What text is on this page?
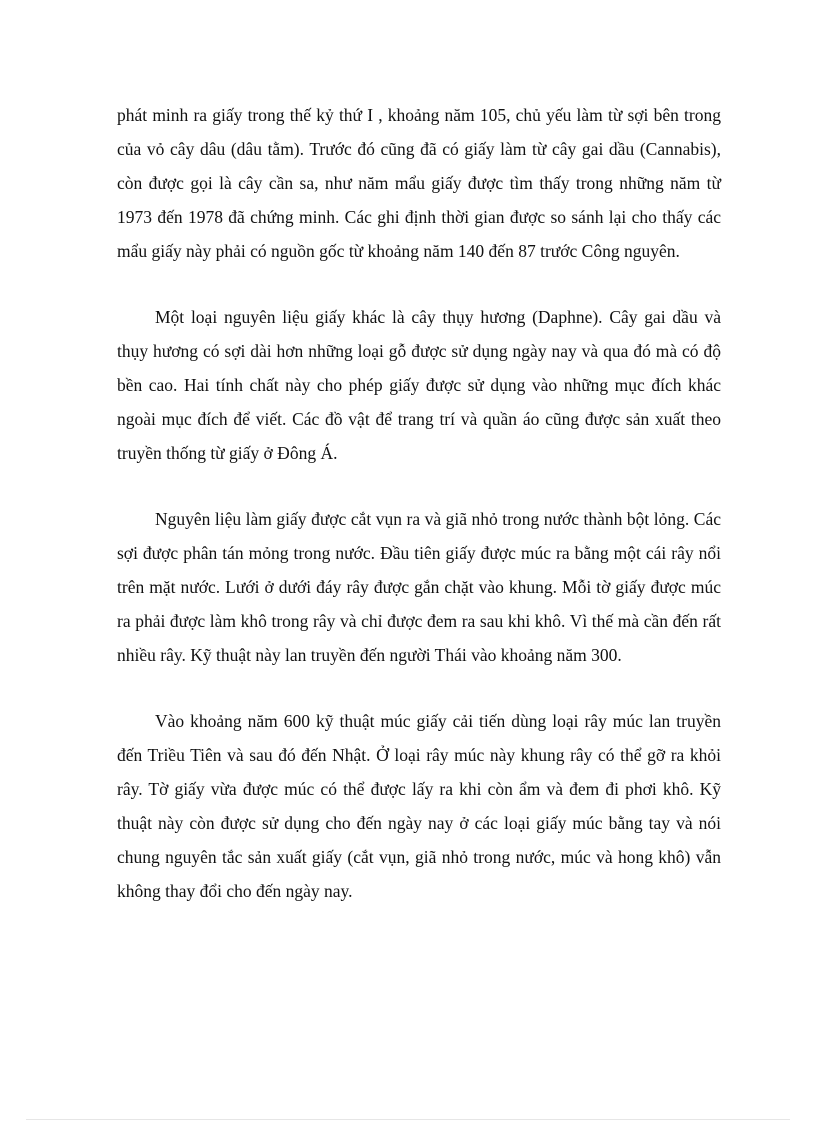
phát minh ra giấy trong thế kỷ thứ I , khoảng năm 105, chủ yếu làm từ sợi bên trong của vỏ cây dâu (dâu tằm). Trước đó cũng đã có giấy làm từ cây gai dầu (Cannabis), còn được gọi là cây cần sa, như năm mẩu giấy được tìm thấy trong những năm từ 1973 đến 1978 đã chứng minh. Các ghi định thời gian được so sánh lại cho thấy các mẩu giấy này phải có nguồn gốc từ khoảng năm 140 đến 87 trước Công nguyên.

Một loại nguyên liệu giấy khác là cây thụy hương (Daphne). Cây gai dầu và thụy hương có sợi dài hơn những loại gỗ được sử dụng ngày nay và qua đó mà có độ bền cao. Hai tính chất này cho phép giấy được sử dụng vào những mục đích khác ngoài mục đích để viết. Các đồ vật để trang trí và quần áo cũng được sản xuất theo truyền thống từ giấy ở Đông Á.

Nguyên liệu làm giấy được cắt vụn ra và giã nhỏ trong nước thành bột lỏng. Các sợi được phân tán mỏng trong nước. Đầu tiên giấy được múc ra bằng một cái rây nổi trên mặt nước. Lưới ở dưới đáy rây được gắn chặt vào khung. Mỗi tờ giấy được múc ra phải được làm khô trong rây và chỉ được đem ra sau khi khô. Vì thế mà cần đến rất nhiều rây. Kỹ thuật này lan truyền đến người Thái vào khoảng năm 300.

Vào khoảng năm 600 kỹ thuật múc giấy cải tiến dùng loại rây múc lan truyền đến Triều Tiên và sau đó đến Nhật. Ở loại rây múc này khung rây có thể gỡ ra khỏi rây. Tờ giấy vừa được múc có thể được lấy ra khi còn ẩm và đem đi phơi khô. Kỹ thuật này còn được sử dụng cho đến ngày nay ở các loại giấy múc bằng tay và nói chung nguyên tắc sản xuất giấy (cắt vụn, giã nhỏ trong nước, múc và hong khô) vẫn không thay đổi cho đến ngày nay.
